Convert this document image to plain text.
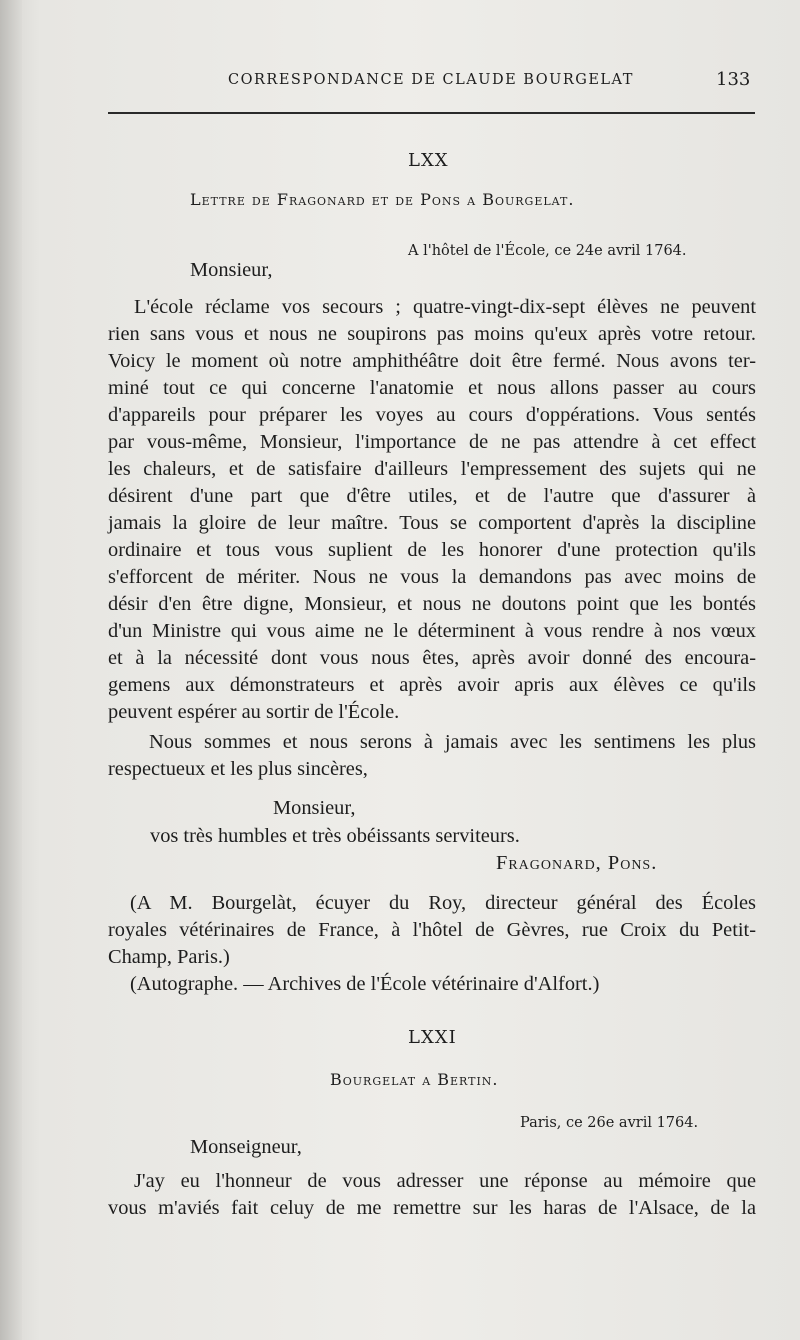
CORRESPONDANCE DE CLAUDE BOURGELAT	133
LXX
Lettre de Fragonard et de Pons a Bourgelat.
A l'hôtel de l'École, ce 24e avril 1764.
Monsieur,
L'école réclame vos secours ; quatre-vingt-dix-sept élèves ne peuvent
rien sans vous et nous ne soupirons pas moins qu'eux après votre retour.
Voicy le moment où notre amphithéâtre doit être fermé. Nous avons ter-
miné tout ce qui concerne l'anatomie et nous allons passer au cours
d'appareils pour préparer les voyes au cours d'oppérations. Vous sentés
par vous-même, Monsieur, l'importance de ne pas attendre à cet effect
les chaleurs, et de satisfaire d'ailleurs l'empressement des sujets qui ne
désirent d'une part que d'être utiles, et de l'autre que d'assurer à
jamais la gloire de leur maître. Tous se comportent d'après la discipline
ordinaire et tous vous suplient de les honorer d'une protection qu'ils
s'efforcent de mériter. Nous ne vous la demandons pas avec moins de
désir d'en être digne, Monsieur, et nous ne doutons point que les bontés
d'un Ministre qui vous aime ne le déterminent à vous rendre à nos vœux
et à la nécessité dont vous nous êtes, après avoir donné des encoura-
gemens aux démonstrateurs et après avoir apris aux élèves ce qu'ils
peuvent espérer au sortir de l'École.
Nous sommes et nous serons à jamais avec les sentimens les plus
respectueux et les plus sincères,
Monsieur,
vos très humbles et très obéissants serviteurs.
Fragonard, Pons.
(A M. Bourgelàt, écuyer du Roy, directeur général des Écoles
royales vétérinaires de France, à l'hôtel de Gèvres, rue Croix du Petit-
Champ, Paris.)
(Autographe. — Archives de l'École vétérinaire d'Alfort.)
LXXI
Bourgelat a Bertin.
Paris, ce 26e avril 1764.
Monseigneur,
J'ay eu l'honneur de vous adresser une réponse au mémoire que
vous m'aviés fait celuy de me remettre sur les haras de l'Alsace, de la
